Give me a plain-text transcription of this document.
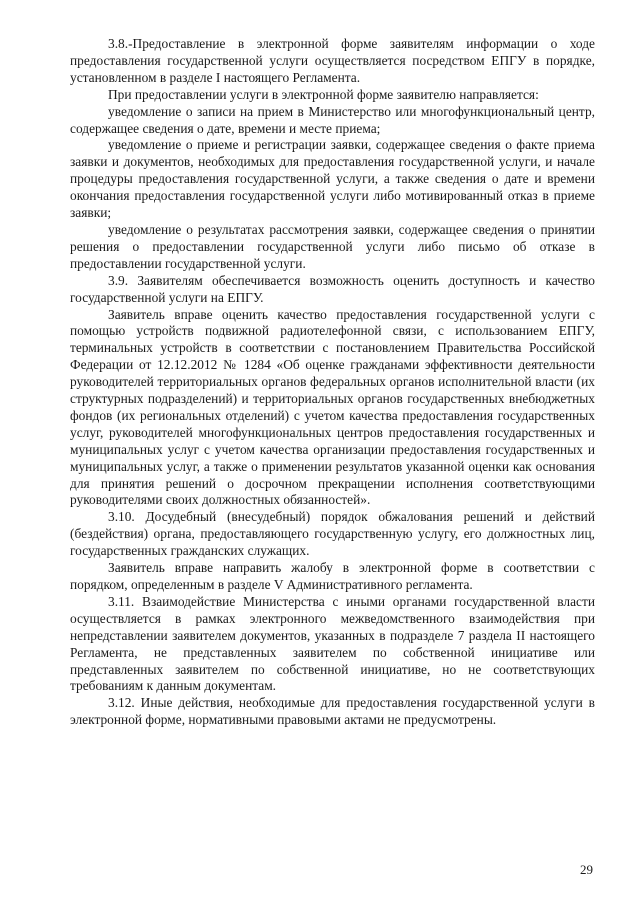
3.8.-Предоставление в электронной форме заявителям информации о ходе предоставления государственной услуги осуществляется посредством ЕПГУ в порядке, установленном в разделе I настоящего Регламента.

При предоставлении услуги в электронной форме заявителю направляется:

уведомление о записи на прием в Министерство или многофункциональный центр, содержащее сведения о дате, времени и месте приема;

уведомление о приеме и регистрации заявки, содержащее сведения о факте приема заявки и документов, необходимых для предоставления государственной услуги, и начале процедуры предоставления государственной услуги, а также сведения о дате и времени окончания предоставления государственной услуги либо мотивированный отказ в приеме заявки;

уведомление о результатах рассмотрения заявки, содержащее сведения о принятии решения о предоставлении государственной услуги либо письмо об отказе в предоставлении государственной услуги.

3.9. Заявителям обеспечивается возможность оценить доступность и качество государственной услуги на ЕПГУ.

Заявитель вправе оценить качество предоставления государственной услуги с помощью устройств подвижной радиотелефонной связи, с использованием ЕПГУ, терминальных устройств в соответствии с постановлением Правительства Российской Федерации от 12.12.2012 № 1284 «Об оценке гражданами эффективности деятельности руководителей территориальных органов федеральных органов исполнительной власти (их структурных подразделений) и территориальных органов государственных внебюджетных фондов (их региональных отделений) с учетом качества предоставления государственных услуг, руководителей многофункциональных центров предоставления государственных и муниципальных услуг с учетом качества организации предоставления государственных и муниципальных услуг, а также о применении результатов указанной оценки как основания для принятия решений о досрочном прекращении исполнения соответствующими руководителями своих должностных обязанностей».

3.10. Досудебный (внесудебный) порядок обжалования решений и действий (бездействия) органа, предоставляющего государственную услугу, его должностных лиц, государственных гражданских служащих.

Заявитель вправе направить жалобу в электронной форме в соответствии с порядком, определенным в разделе V Административного регламента.

3.11. Взаимодействие Министерства с иными органами государственной власти осуществляется в рамках электронного межведомственного взаимодействия при непредставлении заявителем документов, указанных в подразделе 7 раздела II настоящего Регламента, не представленных заявителем по собственной инициативе или представленных заявителем по собственной инициативе, но не соответствующих требованиям к данным документам.

3.12. Иные действия, необходимые для предоставления государственной услуги в электронной форме, нормативными правовыми актами не предусмотрены.

29
